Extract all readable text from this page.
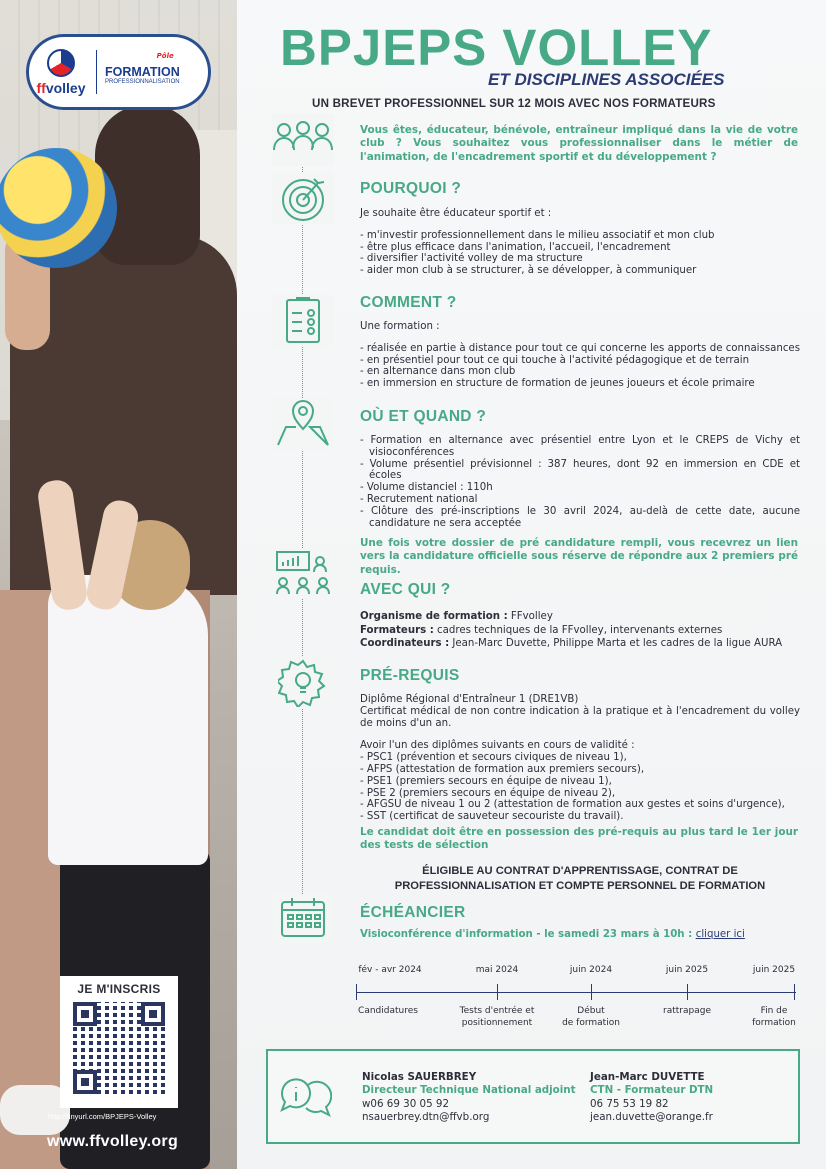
ffvolley
Pôle
FORMATION
PROFESSIONNALISATION
JE M'INSCRIS
http://tinyurl.com/BPJEPS-Volley
www.ffvolley.org
BPJEPS VOLLEY
ET DISCIPLINES ASSOCIÉES
UN BREVET PROFESSIONNEL SUR 12 MOIS AVEC NOS FORMATEURS
Vous êtes, éducateur, bénévole, entraîneur impliqué dans la vie de votre club ? Vous souhaitez vous professionnaliser dans le métier de l'animation, de l'encadrement sportif et du développement ?
POURQUOI ?
Je souhaite être éducateur sportif et :
- m'investir professionnellement dans le milieu associatif et mon club
- être plus efficace dans l'animation, l'accueil, l'encadrement
- diversifier l'activité volley de ma structure
- aider mon club à se structurer, à se développer, à communiquer
COMMENT ?
Une formation :
- réalisée en partie à distance pour tout ce qui concerne les apports de connaissances
- en présentiel pour tout ce qui touche à l'activité pédagogique et de terrain
- en alternance dans mon club
- en immersion en structure de formation de jeunes joueurs et école primaire
OÙ ET QUAND ?
- Formation en alternance avec présentiel entre Lyon et le CREPS de Vichy et visioconférences
- Volume présentiel prévisionnel : 387 heures, dont 92 en immersion en CDE et écoles
- Volume distanciel : 110h
- Recrutement national
- Clôture des pré-inscriptions le 30 avril 2024, au-delà de cette date, aucune candidature ne sera acceptée
Une fois votre dossier de pré candidature rempli, vous recevrez un lien vers la candidature officielle sous réserve de répondre aux 2 premiers pré requis.
AVEC QUI ?
Organisme de formation : FFvolley
Formateurs : cadres techniques de la FFvolley, intervenants externes
Coordinateurs : Jean-Marc Duvette, Philippe Marta et les cadres de la ligue AURA
PRÉ-REQUIS
Diplôme Régional d'Entraîneur 1 (DRE1VB)
Certificat médical de non contre indication à la pratique et à l'encadrement du volley de moins d'un an.
Avoir l'un des diplômes suivants en cours de validité :
- PSC1 (prévention et secours civiques de niveau 1),
- AFPS (attestation de formation aux premiers secours),
- PSE1 (premiers secours en équipe de niveau 1),
- PSE 2 (premiers secours en équipe de niveau 2),
- AFGSU de niveau 1 ou 2 (attestation de formation aux gestes et soins d'urgence),
- SST (certificat de sauveteur secouriste du travail).
Le candidat doit être en possession des pré-requis au plus tard le 1er jour des tests de sélection
ÉLIGIBLE AU CONTRAT D'APPRENTISSAGE, CONTRAT DE PROFESSIONNALISATION ET COMPTE PERSONNEL DE FORMATION
ÉCHÉANCIER
Visioconférence d'information - le samedi 23 mars à 10h : cliquer ici
fév - avr 2024
Candidatures
mai 2024
Tests d'entrée et
positionnement
juin 2024
Début
de formation
juin 2025
rattrapage
juin 2025
Fin de
formation
Nicolas SAUERBREY
Directeur Technique National adjoint
w06 69 30 05 92
nsauerbrey.dtn@ffvb.org
Jean-Marc DUVETTE
CTN - Formateur DTN
06 75 53 19 82
jean.duvette@orange.fr
